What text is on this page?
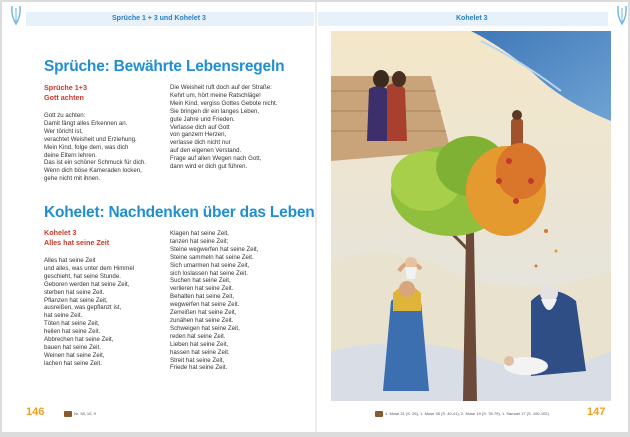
Sprüche 1 + 3 und Kohelet 3	Kohelet 3
Sprüche: Bewährte Lebensregeln
Sprüche 1+3
Gott achten
Gott zu achten:
Damit fängt alles Erkennen an.
Wer töricht ist,
verachtet Weisheit und Erziehung.
Mein Kind, folge dem, was dich
deine Eltern lehren.
Das ist ein schöner Schmuck für dich.
Wenn dich böse Kameraden locken,
gehe nicht mit ihnen.
Die Weisheit ruft doch auf der Straße:
Kehrt um, hört meine Ratschläge!
Mein Kind, vergiss Gottes Gebote nicht.
Sie bringen dir ein langes Leben,
gute Jahre und Frieden.
Verlasse dich auf Gott
von ganzem Herzen,
verlasse dich nicht nur
auf den eigenen Verstand.
Frage auf allen Wegen nach Gott,
dann wird er dich gut führen.
Kohelet: Nachdenken über das Leben
Kohelet 3
Alles hat seine Zeit
Alles hat seine Zeit
und alles, was unter dem Himmel
geschieht, hat seine Stunde.
Geboren werden hat seine Zeit,
sterben hat seine Zeit.
Pflanzen hat seine Zeit,
ausreißen, was gepflanzt ist,
hat seine Zeit.
Töten hat seine Zeit,
heilen hat seine Zeit.
Abbrechen hat seine Zeit,
bauen hat seine Zeit.
Weinen hat seine Zeit,
lachen hat seine Zeit.
Klagen hat seine Zeit,
tanzen hat seine Zeit;
Steine wegwerfen hat seine Zeit,
Steine sammeln hat seine Zeit.
Sich umarmen hat seine Zeit,
sich loslassen hat seine Zeit.
Suchen hat seine Zeit,
verlieren hat seine Zeit.
Behalten hat seine Zeit,
wegwerfen hat seine Zeit.
Zerreißen hat seine Zeit,
zunähen hat seine Zeit.
Schweigen hat seine Zeit,
reden hat seine Zeit.
Lieben hat seine Zeit,
hassen hat seine Zeit.
Streit hat seine Zeit,
Friede hat seine Zeit.
146	Nr. 38, 10, 9	1. Mose 21 (S. 26), 1. Mose 35 (S. 40-41), 2. Mose 19 (S. 78-79), 1. Samuel 17 (S. 100-102).	147
